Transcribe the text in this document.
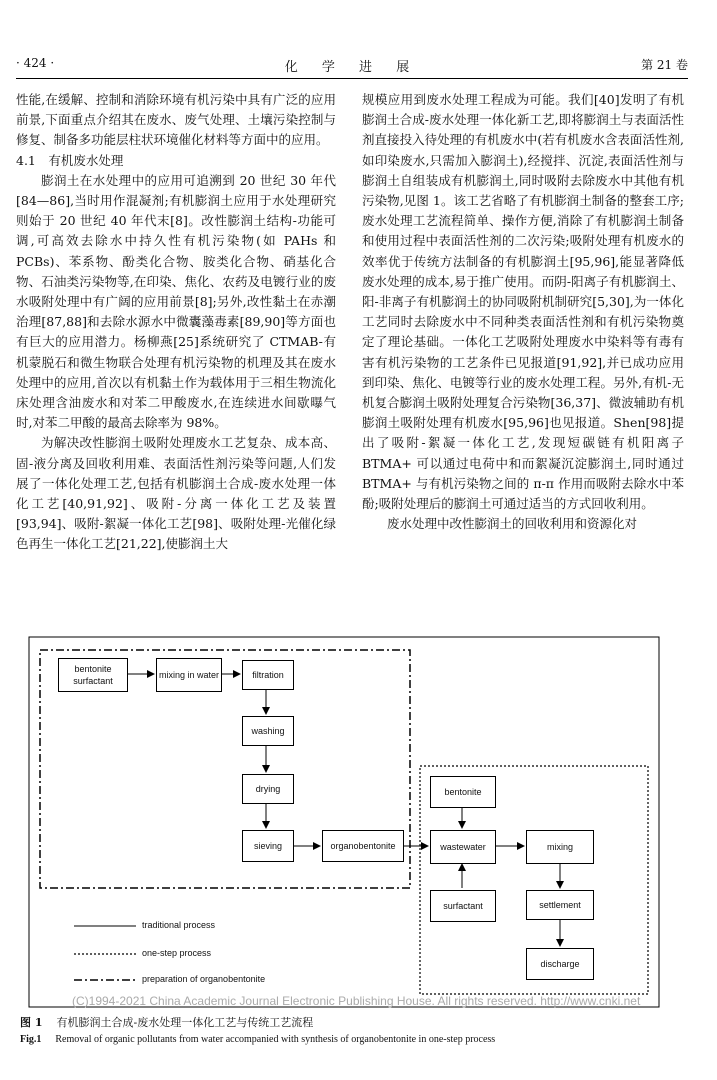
· 424 ·	化 学 进 展	第 21 卷

性能,在缓解、控制和消除环境有机污染中具有广泛的应用前景,下面重点介绍其在废水、废气处理、土壤污染控制与修复、制备多功能层柱状环境催化材料等方面中的应用。

4.1　有机废水处理

膨润土在水处理中的应用可追溯到 20 世纪 30 年代[84—86],当时用作混凝剂;有机膨润土应用于水处理研究则始于 20 世纪 40 年代末[8]。改性膨润土结构-功能可调,可高效去除水中持久性有机污染物(如 PAHs 和 PCBs)、苯系物、酚类化合物、胺类化合物、硝基化合物、石油类污染物等,在印染、焦化、农药及电镀行业的废水吸附处理中有广阔的应用前景[8];另外,改性黏土在赤潮治理[87,88]和去除水源水中微囊藻毒素[89,90]等方面也有巨大的应用潜力。杨柳燕[25]系统研究了 CTMAB-有机蒙脱石和微生物联合处理有机污染物的机理及其在废水处理中的应用,首次以有机黏土作为载体用于三相生物流化床处理含油废水和对苯二甲酸废水,在连续进水间歇曝气时,对苯二甲酸的最高去除率为 98%。

为解决改性膨润土吸附处理废水工艺复杂、成本高、固-液分离及回收利用难、表面活性剂污染等问题,人们发展了一体化处理工艺,包括有机膨润土合成-废水处理一体化工艺[40,91,92]、吸附-分离一体化工艺及装置[93,94]、吸附-絮凝一体化工艺[98]、吸附处理-光催化绿色再生一体化工艺[21,22],使膨润土大

规模应用到废水处理工程成为可能。我们[40]发明了有机膨润土合成-废水处理一体化新工艺,即将膨润土与表面活性剂直接投入待处理的有机废水中(若有机废水含表面活性剂,如印染废水,只需加入膨润土),经搅拌、沉淀,表面活性剂与膨润土自组装成有机膨润土,同时吸附去除废水中其他有机污染物,见图 1。该工艺省略了有机膨润土制备的整套工序;废水处理工艺流程简单、操作方便,消除了有机膨润土制备和使用过程中表面活性剂的二次污染;吸附处理有机废水的效率优于传统方法制备的有机膨润土[95,96],能显著降低废水处理的成本,易于推广使用。而阴-阳离子有机膨润土、阳-非离子有机膨润土的协同吸附机制研究[5,30],为一体化工艺同时去除废水中不同种类表面活性剂和有机污染物奠定了理论基础。一体化工艺吸附处理废水中染料等有毒有害有机污染物的工艺条件已见报道[91,92],并已成功应用到印染、焦化、电镀等行业的废水处理工程。另外,有机-无机复合膨润土吸附处理复合污染物[36,37]、微波辅助有机膨润土吸附处理有机废水[95,96]也见报道。Shen[98]提出了吸附-絮凝一体化工艺,发现短碳链有机阳离子 BTMA+ 可以通过电荷中和而絮凝沉淀膨润土,同时通过 BTMA+ 与有机污染物之间的 π-π 作用而吸附去除水中苯酚;吸附处理后的膨润土可通过适当的方式回收利用。

废水处理中改性膨润土的回收利用和资源化对

bentonite surfactant
mixing in water	filtration
washing
drying
sieving	organobentonite
bentonite
wastewater
surfactant
mixing
settlement
discharge
traditional process
one-step process
preparation of organobentonite
(C)1994-2021 China Academic Journal Electronic Publishing House. All rights reserved. http://www.cnki.net
图 1 有机膨润土合成-废水处理一体化工艺与传统工艺流程
Fig.1 Removal of organic pollutants from water accompanied with synthesis of organobentonite in one-step process
